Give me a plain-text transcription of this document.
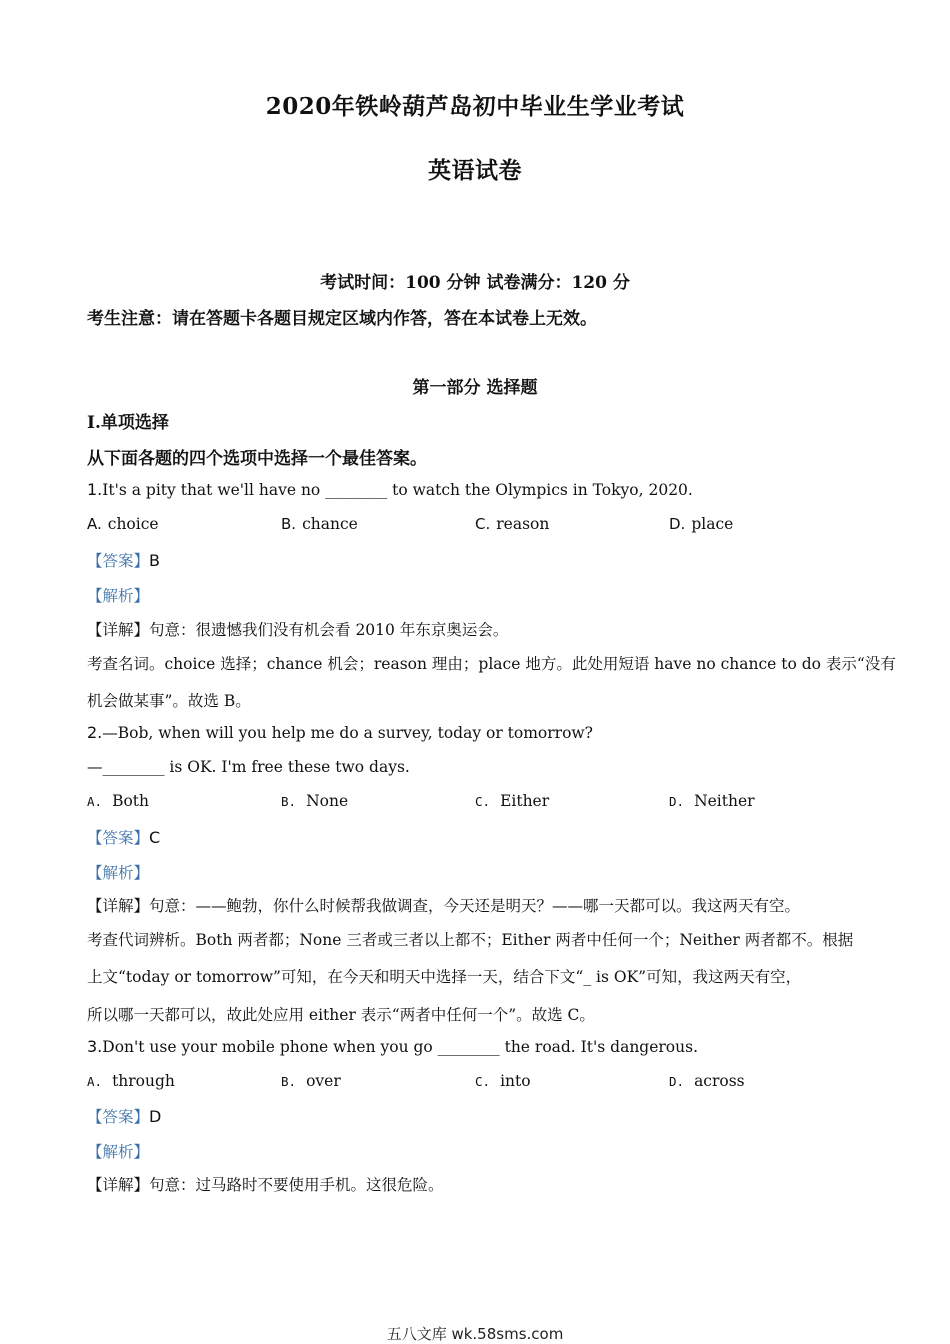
2020年铁岭葫芦岛初中毕业生学业考试
英语试卷
考试时间：100 分钟 试卷满分：120 分
考生注意：请在答题卡各题目规定区域内作答，答在本试卷上无效。
第一部分 选择题
I.单项选择
从下面各题的四个选项中选择一个最佳答案。
1.It's a pity that we'll have no ________ to watch the Olympics in Tokyo, 2020.
A. choice	B. chance	C. reason	D. place
【答案】B
【解析】
【详解】句意：很遗憾我们没有机会看 2010 年东京奥运会。
考查名词。choice 选择；chance 机会；reason 理由；place 地方。此处用短语 have no chance to do 表示“没有
机会做某事”。故选 B。
2.—Bob, when will you help me do a survey, today or tomorrow?
—________ is OK. I'm free these two days.
A. Both	B. None	C. Either	D. Neither
【答案】C
【解析】
【详解】句意：——鲍勃，你什么时候帮我做调查，今天还是明天？——哪一天都可以。我这两天有空。
考查代词辨析。Both 两者都；None 三者或三者以上都不；Either 两者中任何一个；Neither 两者都不。根据
上文“today or tomorrow”可知，在今天和明天中选择一天，结合下文“_ is OK”可知，我这两天有空，
所以哪一天都可以，故此处应用 either 表示“两者中任何一个”。故选 C。
3.Don't use your mobile phone when you go ________ the road. It's dangerous.
A. through	B. over	C. into	D. across
【答案】D
【解析】
【详解】句意：过马路时不要使用手机。这很危险。
五八文库 wk.58sms.com
